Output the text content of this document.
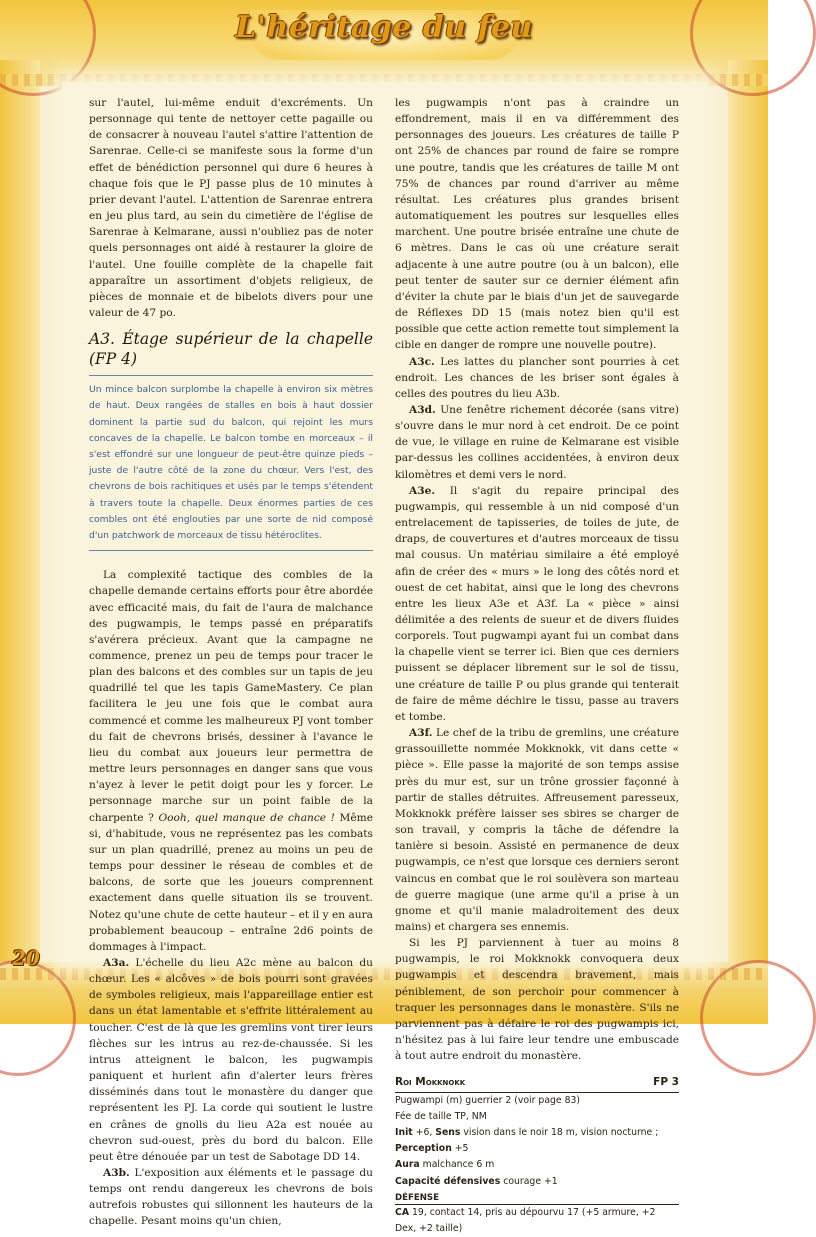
L'héritage du feu

sur l'autel, lui-même enduit d'excréments. Un personnage qui tente de nettoyer cette pagaille ou de consacrer à nouveau l'autel s'attire l'attention de Sarenrae. Celle-ci se manifeste sous la forme d'un effet de bénédiction personnel qui dure 6 heures à chaque fois que le PJ passe plus de 10 minutes à prier devant l'autel. L'attention de Sarenrae entrera en jeu plus tard, au sein du cimetière de l'église de Sarenrae à Kelmarane, aussi n'oubliez pas de noter quels personnages ont aidé à restaurer la gloire de l'autel. Une fouille complète de la chapelle fait apparaître un assortiment d'objets religieux, de pièces de monnaie et de bibelots divers pour une valeur de 47 po.

A3. Étage supérieur de la chapelle (FP 4)
Un mince balcon surplombe la chapelle à environ six mètres de haut. Deux rangées de stalles en bois à haut dossier dominent la partie sud du balcon, qui rejoint les murs concaves de la chapelle. Le balcon tombe en morceaux – il s'est effondré sur une longueur de peut-être quinze pieds – juste de l'autre côté de la zone du chœur. Vers l'est, des chevrons de bois rachitiques et usés par le temps s'étendent à travers toute la chapelle. Deux énormes parties de ces combles ont été englouties par une sorte de nid composé d'un patchwork de morceaux de tissu hétéroclites.

La complexité tactique des combles de la chapelle demande certains efforts pour être abordée avec efficacité mais, du fait de l'aura de malchance des pugwampis, le temps passé en préparatifs s'avérera précieux. Avant que la campagne ne commence, prenez un peu de temps pour tracer le plan des balcons et des combles sur un tapis de jeu quadrillé tel que les tapis GameMastery. Ce plan facilitera le jeu une fois que le combat aura commencé et comme les malheureux PJ vont tomber du fait de chevrons brisés, dessiner à l'avance le lieu du combat aux joueurs leur permettra de mettre leurs personnages en danger sans que vous n'ayez à lever le petit doigt pour les y forcer. Le personnage marche sur un point faible de la charpente ? Oooh, quel manque de chance ! Même si, d'habitude, vous ne représentez pas les combats sur un plan quadrillé, prenez au moins un peu de temps pour dessiner le réseau de combles et de balcons, de sorte que les joueurs comprennent exactement dans quelle situation ils se trouvent. Notez qu'une chute de cette hauteur – et il y en aura probablement beaucoup – entraîne 2d6 points de dommages à l'impact.

A3a. L'échelle du lieu A2c mène au balcon du chœur. Les « alcôves » de bois pourri sont gravées de symboles religieux, mais l'appareillage entier est dans un état lamentable et s'effrite littéralement au toucher. C'est de là que les gremlins vont tirer leurs flèches sur les intrus au rez-de-chaussée. Si les intrus atteignent le balcon, les pugwampis paniquent et hurlent afin d'alerter leurs frères disséminés dans tout le monastère du danger que représentent les PJ. La corde qui soutient le lustre en crânes de gnolls du lieu A2a est nouée au chevron sud-ouest, près du bord du balcon. Elle peut être dénouée par un test de Sabotage DD 14.

A3b. L'exposition aux éléments et le passage du temps ont rendu dangereux les chevrons de bois autrefois robustes qui sillonnent les hauteurs de la chapelle. Pesant moins qu'un chien,

les pugwampis n'ont pas à craindre un effondrement, mais il en va différemment des personnages des joueurs. Les créatures de taille P ont 25% de chances par round de faire se rompre une poutre, tandis que les créatures de taille M ont 75% de chances par round d'arriver au même résultat. Les créatures plus grandes brisent automatiquement les poutres sur lesquelles elles marchent. Une poutre brisée entraîne une chute de 6 mètres. Dans le cas où une créature serait adjacente à une autre poutre (ou à un balcon), elle peut tenter de sauter sur ce dernier élément afin d'éviter la chute par le biais d'un jet de sauvegarde de Réflexes DD 15 (mais notez bien qu'il est possible que cette action remette tout simplement la cible en danger de rompre une nouvelle poutre).

A3c. Les lattes du plancher sont pourries à cet endroit. Les chances de les briser sont égales à celles des poutres du lieu A3b.

A3d. Une fenêtre richement décorée (sans vitre) s'ouvre dans le mur nord à cet endroit. De ce point de vue, le village en ruine de Kelmarane est visible par-dessus les collines accidentées, à environ deux kilomètres et demi vers le nord.

A3e. Il s'agit du repaire principal des pugwampis, qui ressemble à un nid composé d'un entrelacement de tapisseries, de toiles de jute, de draps, de couvertures et d'autres morceaux de tissu mal cousus. Un matériau similaire a été employé afin de créer des « murs » le long des côtés nord et ouest de cet habitat, ainsi que le long des chevrons entre les lieux A3e et A3f. La « pièce » ainsi délimitée a des relents de sueur et de divers fluides corporels. Tout pugwampi ayant fui un combat dans la chapelle vient se terrer ici. Bien que ces derniers puissent se déplacer librement sur le sol de tissu, une créature de taille P ou plus grande qui tenterait de faire de même déchire le tissu, passe au travers et tombe.

A3f. Le chef de la tribu de gremlins, une créature grassouillette nommée Mokknokk, vit dans cette « pièce ». Elle passe la majorité de son temps assise près du mur est, sur un trône grossier façonné à partir de stalles détruites. Affreusement paresseux, Mokknokk préfère laisser ses sbires se charger de son travail, y compris la tâche de défendre la tanière si besoin. Assisté en permanence de deux pugwampis, ce n'est que lorsque ces derniers seront vaincus en combat que le roi soulèvera son marteau de guerre magique (une arme qu'il a prise à un gnome et qu'il manie maladroitement des deux mains) et chargera ses ennemis.

Si les PJ parviennent à tuer au moins 8 pugwampis, le roi Mokknokk convoquera deux pugwampis et descendra bravement, mais péniblement, de son perchoir pour commencer à traquer les personnages dans le monastère. S'ils ne parviennent pas à défaire le roi des pugwampis ici, n'hésitez pas à lui faire leur tendre une embuscade à tout autre endroit du monastère.

Roi Mokknokk	FP 3
Pugwampi (m) guerrier 2 (voir page 83)
Fée de taille TP, NM
Init +6, Sens vision dans le noir 18 m, vision nocturne ; Perception +5
Aura malchance 6 m
Capacité défensives courage +1
DÉFENSE
CA 19, contact 14, pris au dépourvu 17 (+5 armure, +2 Dex, +2 taille)
20
